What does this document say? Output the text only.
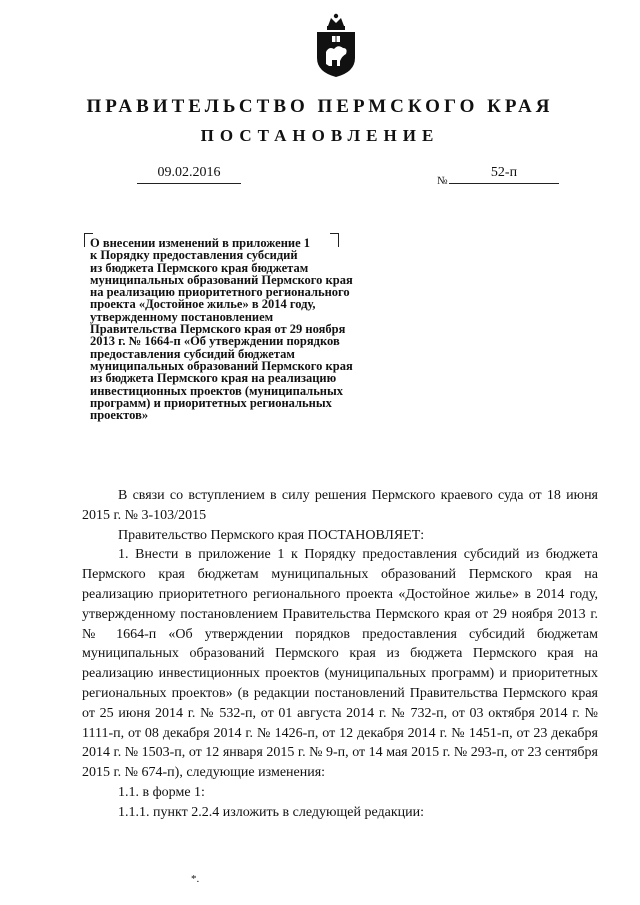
ПРАВИТЕЛЬСТВО ПЕРМСКОГО КРАЯ
ПОСТАНОВЛЕНИЕ
09.02.2016
№
52-п
О внесении изменений в приложение 1
к Порядку предоставления субсидий
из бюджета Пермского края бюджетам
муниципальных образований Пермского края
на реализацию приоритетного регионального
проекта «Достойное жилье» в 2014 году,
утвержденному постановлением
Правительства Пермского края от 29 ноября
2013 г. № 1664-п «Об утверждении порядков
предоставления субсидий бюджетам
муниципальных образований Пермского края
из бюджета Пермского края на реализацию
инвестиционных проектов (муниципальных
программ) и приоритетных региональных
проектов»

В связи со вступлением в силу решения Пермского краевого суда от 18 июня 2015 г. № 3-103/2015

Правительство Пермского края ПОСТАНОВЛЯЕТ:

1. Внести в приложение 1 к Порядку предоставления субсидий из бюджета Пермского края бюджетам муниципальных образований Пермского края на реализацию приоритетного регионального проекта «Достойное жилье» в 2014 году, утвержденному постановлением Правительства Пермского края от 29 ноября 2013 г. № 1664-п «Об утверждении порядков предоставления субсидий бюджетам муниципальных образований Пермского края из бюджета Пермского края на реализацию инвестиционных проектов (муниципальных программ) и приоритетных региональных проектов» (в редакции постановлений Правительства Пермского края от 25 июня 2014 г. № 532-п, от 01 августа 2014 г. № 732-п, от 03 октября 2014 г. № 1111-п, от 08 декабря 2014 г. № 1426-п, от 12 декабря 2014 г. № 1451-п, от 23 декабря 2014 г. № 1503-п, от 12 января 2015 г. № 9-п, от 14 мая 2015 г. № 293-п, от 23 сентября 2015 г. № 674-п), следующие изменения:

1.1. в форме 1:

1.1.1. пункт 2.2.4 изложить в следующей редакции:

*.
